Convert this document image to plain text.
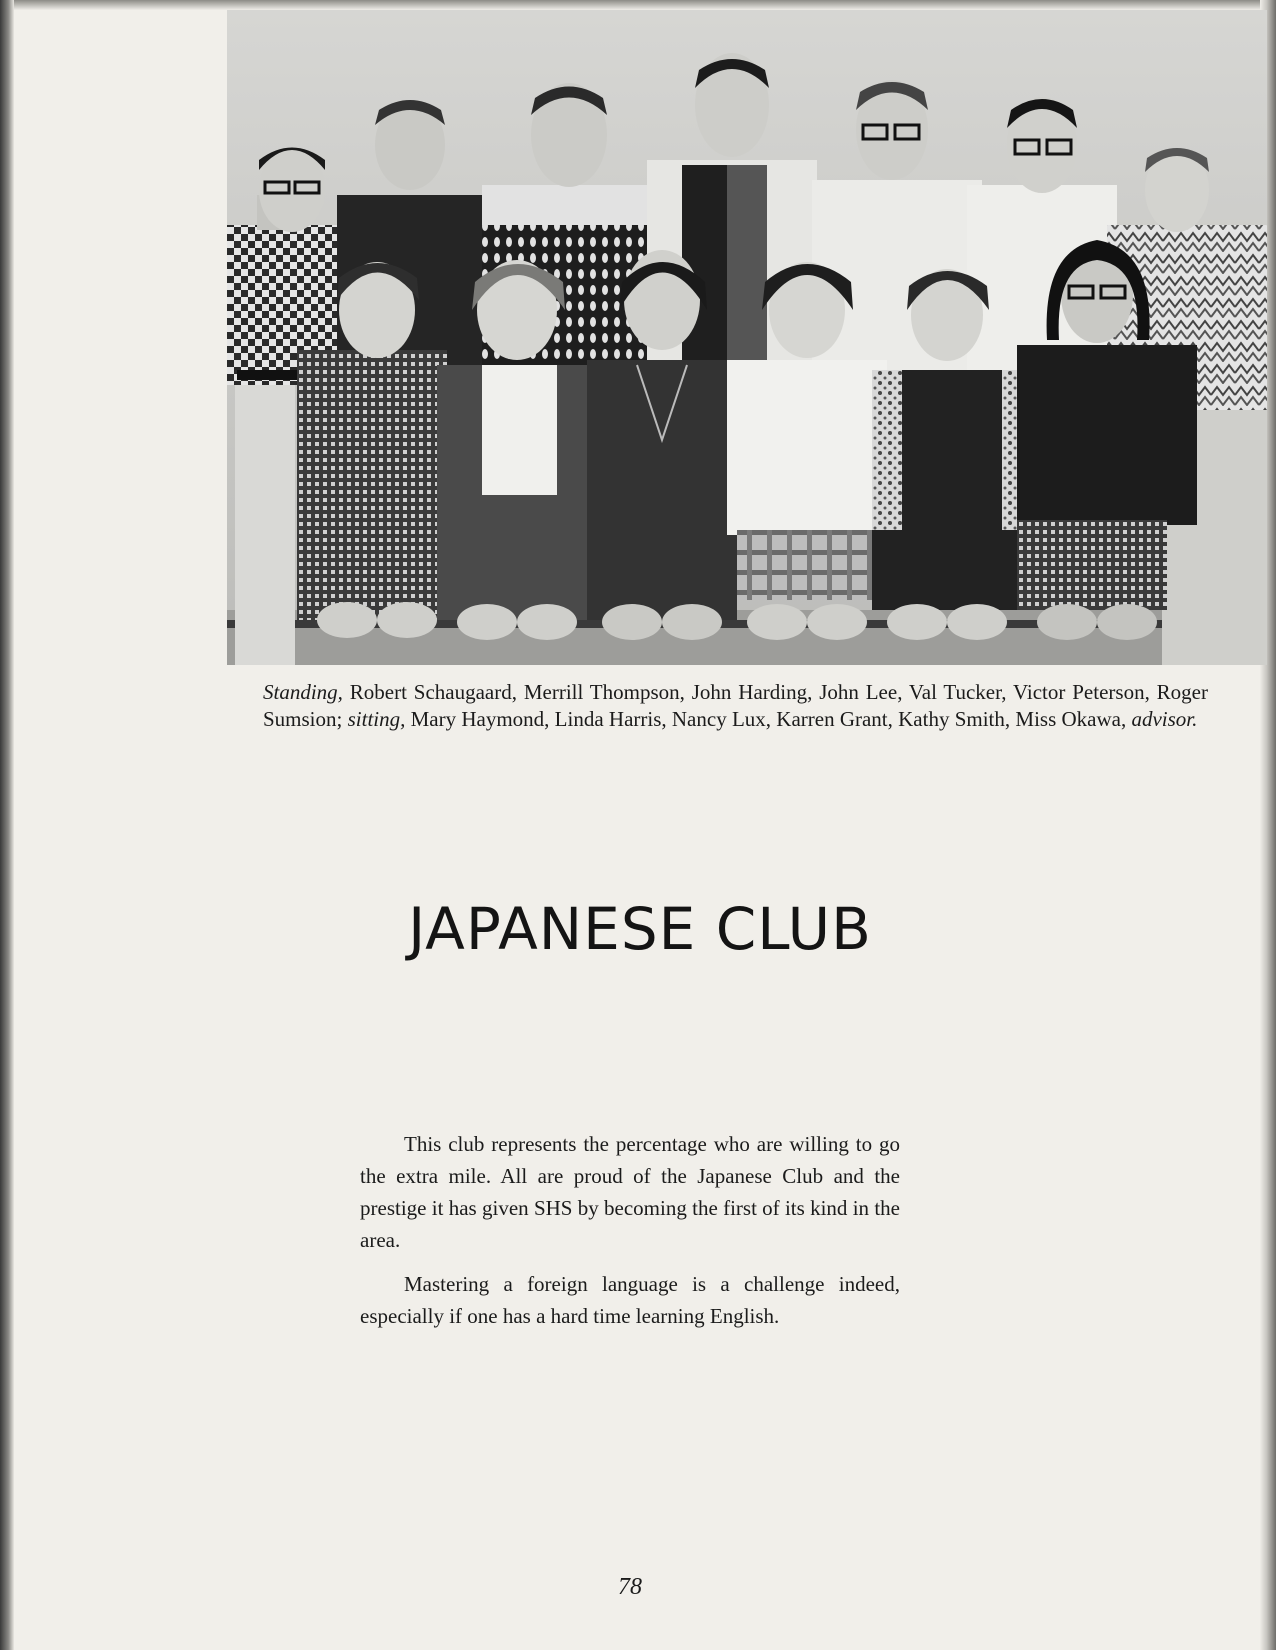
Standing, Robert Schaugaard, Merrill Thompson, John Harding, John Lee, Val Tucker, Victor Peterson, Roger Sumsion; sitting, Mary Haymond, Linda Harris, Nancy Lux, Karren Grant, Kathy Smith, Miss Okawa, advisor.
JAPANESE CLUB

This club represents the percentage who are willing to go the extra mile. All are proud of the Japanese Club and the prestige it has given SHS by becoming the first of its kind in the area.

Mastering a foreign language is a challenge indeed, especially if one has a hard time learning English.

78
